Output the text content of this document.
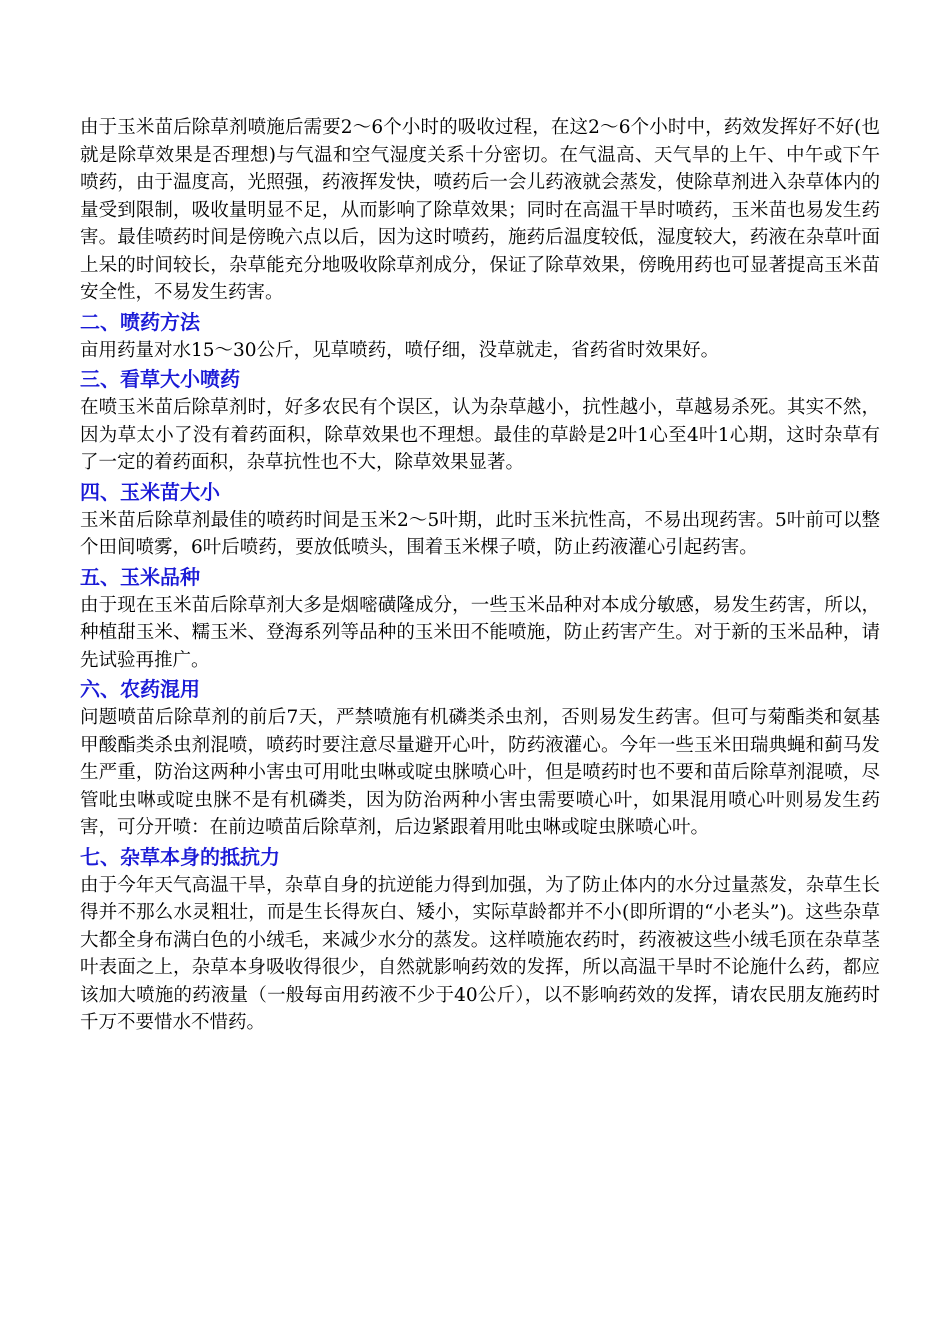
由于玉米苗后除草剂喷施后需要2～6个小时的吸收过程，在这2～6个小时中，药效发挥好不好(也就是除草效果是否理想)与气温和空气湿度关系十分密切。在气温高、天气旱的上午、中午或下午喷药，由于温度高，光照强，药液挥发快，喷药后一会儿药液就会蒸发，使除草剂进入杂草体内的量受到限制，吸收量明显不足，从而影响了除草效果；同时在高温干旱时喷药，玉米苗也易发生药害。最佳喷药时间是傍晚六点以后，因为这时喷药，施药后温度较低，湿度较大，药液在杂草叶面上呆的时间较长，杂草能充分地吸收除草剂成分，保证了除草效果，傍晚用药也可显著提高玉米苗安全性，不易发生药害。

二、喷药方法

亩用药量对水15～30公斤，见草喷药，喷仔细，没草就走，省药省时效果好。

三、看草大小喷药

在喷玉米苗后除草剂时，好多农民有个误区，认为杂草越小，抗性越小，草越易杀死。其实不然，因为草太小了没有着药面积，除草效果也不理想。最佳的草龄是2叶1心至4叶1心期，这时杂草有了一定的着药面积，杂草抗性也不大，除草效果显著。

四、玉米苗大小

玉米苗后除草剂最佳的喷药时间是玉米2～5叶期，此时玉米抗性高，不易出现药害。5叶前可以整个田间喷雾，6叶后喷药，要放低喷头，围着玉米棵子喷，防止药液灌心引起药害。

五、玉米品种

由于现在玉米苗后除草剂大多是烟嘧磺隆成分，一些玉米品种对本成分敏感，易发生药害，所以，种植甜玉米、糯玉米、登海系列等品种的玉米田不能喷施，防止药害产生。对于新的玉米品种，请先试验再推广。

六、农药混用

问题喷苗后除草剂的前后7天，严禁喷施有机磷类杀虫剂，否则易发生药害。但可与菊酯类和氨基甲酸酯类杀虫剂混喷，喷药时要注意尽量避开心叶，防药液灌心。今年一些玉米田瑞典蝇和蓟马发生严重，防治这两种小害虫可用吡虫啉或啶虫脒喷心叶，但是喷药时也不要和苗后除草剂混喷，尽管吡虫啉或啶虫脒不是有机磷类，因为防治两种小害虫需要喷心叶，如果混用喷心叶则易发生药害，可分开喷：在前边喷苗后除草剂，后边紧跟着用吡虫啉或啶虫脒喷心叶。

七、杂草本身的抵抗力

由于今年天气高温干旱，杂草自身的抗逆能力得到加强，为了防止体内的水分过量蒸发，杂草生长得并不那么水灵粗壮，而是生长得灰白、矮小，实际草龄都并不小(即所谓的“小老头”)。这些杂草大都全身布满白色的小绒毛，来减少水分的蒸发。这样喷施农药时，药液被这些小绒毛顶在杂草茎叶表面之上，杂草本身吸收得很少，自然就影响药效的发挥，所以高温干旱时不论施什么药，都应该加大喷施的药液量（一般每亩用药液不少于40公斤），以不影响药效的发挥，请农民朋友施药时千万不要惜水不惜药。
